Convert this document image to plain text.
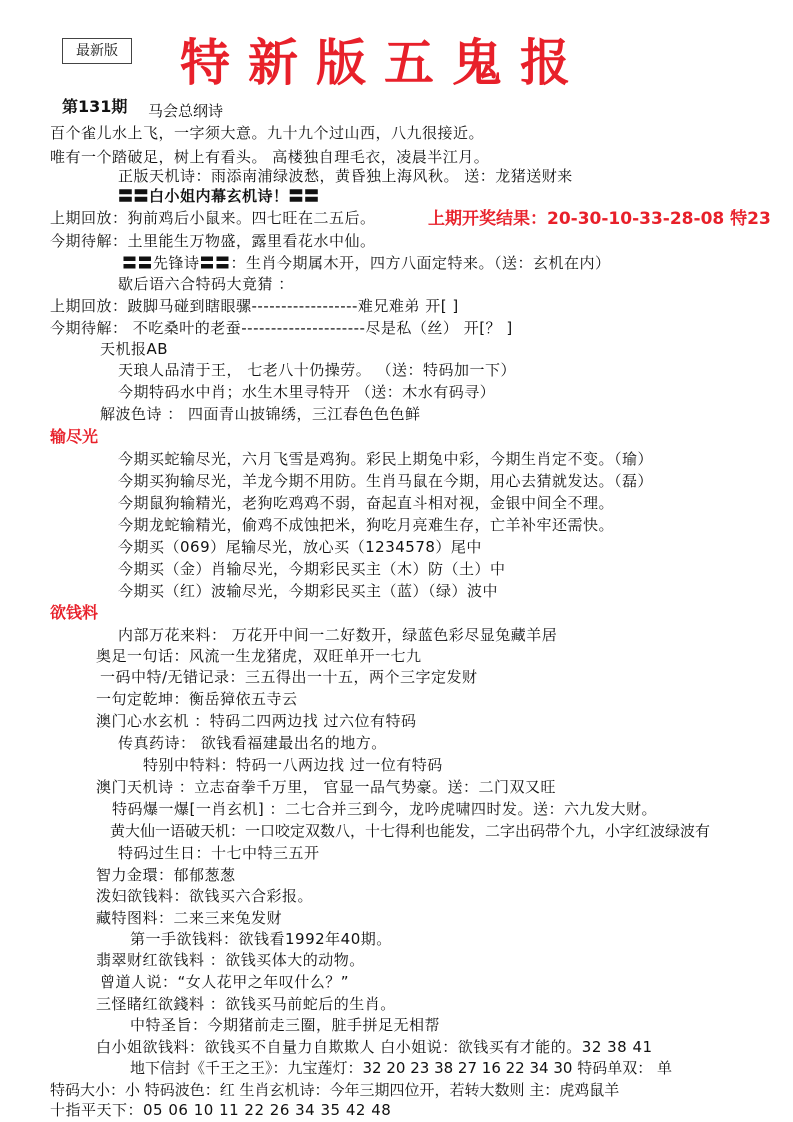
最新版 特新版五鬼报
第131期 马会总纲诗
上期开奖结果：20-30-10-33-28-08 特23
百个雀儿水上飞，一字须大意。九十九个过山西，八九很接近。
唯有一个踏破足，树上有看头。 高楼独自理毛衣，凌晨半江月。
正版天机诗：雨添南浦绿波愁，黄昏独上海风秋。 送：龙猪送财来
〓〓白小姐内幕玄机诗！〓〓
上期回放：狗前鸡后小鼠来。四七旺在二五后。
今期待解：土里能生万物盛，露里看花水中仙。
〓〓先锋诗〓〓：生肖今期属木开，四方八面定特来。（送：玄机在内）
歇后语六合特码大竟猜 ：
上期回放：跛脚马碰到瞎眼骡------------------难兄难弟 开[ ]
今期待解： 不吃桑叶的老蚕---------------------尽是私（丝） 开[？ ]
天机报AB
天琅人品清于王， 七老八十仍操劳。 （送：特码加一下）
今期特码水中肖；水生木里寻特开 （送：木水有码寻）
解波色诗 ： 四面青山披锦绣，三江春色色色鲜
输尽光
今期买蛇输尽光，六月飞雪是鸡狗。彩民上期兔中彩，今期生肖定不变。（瑜）
今期买狗输尽光，羊龙今期不用防。生肖马鼠在今期，用心去猜就发达。（磊）
今期鼠狗输精光，老狗吃鸡鸡不弱，奋起直斗相对视，金银中间全不理。
今期龙蛇输精光，偷鸡不成蚀把米，狗吃月亮难生存，亡羊补牢还需快。
今期买（069）尾输尽光，放心买（1234578）尾中
今期买（金）肖输尽光，今期彩民买主（木）防（土）中
今期买（红）波输尽光，今期彩民买主（蓝）（绿）波中
欲钱料
内部万花来料： 万花开中间一二好数开，绿蓝色彩尽显兔藏羊居
奥足一句话：风流一生龙猪虎，双旺单开一七九
一码中特/无错记录：三五得出一十五，两个三字定发财
一句定乾坤：衡岳獐依五寺云
澳门心水玄机 ：特码二四两边找 过六位有特码
传真药诗： 欲钱看福建最出名的地方。
特别中特料：特码一八两边找 过一位有特码
澳门天机诗 ：立志奋拳千万里， 官显一品气势豪。送：二门双又旺
特码爆一爆[一肖玄机] ：二七合并三到今，龙吟虎啸四时发。送：六九发大财。
黄大仙一语破天机：一口咬定双数八，十七得利也能发，二字出码带个九，小字红波绿波有
特码过生日：十七中特三五开
智力金環：郁郁葱葱
泼妇欲钱料：欲钱买六合彩报。
藏特图料：二来三来兔发财
第一手欲钱料：欲钱看1992年40期。
翡翠财红欲钱料 ：欲钱买体大的动物。
曾道人说：“女人花甲之年叹什么？”
三怪睹红欲錢料 ：欲钱买马前蛇后的生肖。
中特圣旨：今期猪前走三圈，脏手拼足无相帮
白小姐欲钱料：欲钱买不自量力自欺欺人 白小姐说：欲钱买有才能的。32 38 41
地下信封《千王之王》：九宝莲灯：32 20 23 38 27 16 22 34 30 特码单双： 单
特码大小：小 特码波色：红 生肖玄机诗：今年三期四位开，若转大数则 主：虎鸡鼠羊
十指平天下：05 06 10 11 22 26 34 35 42 48
